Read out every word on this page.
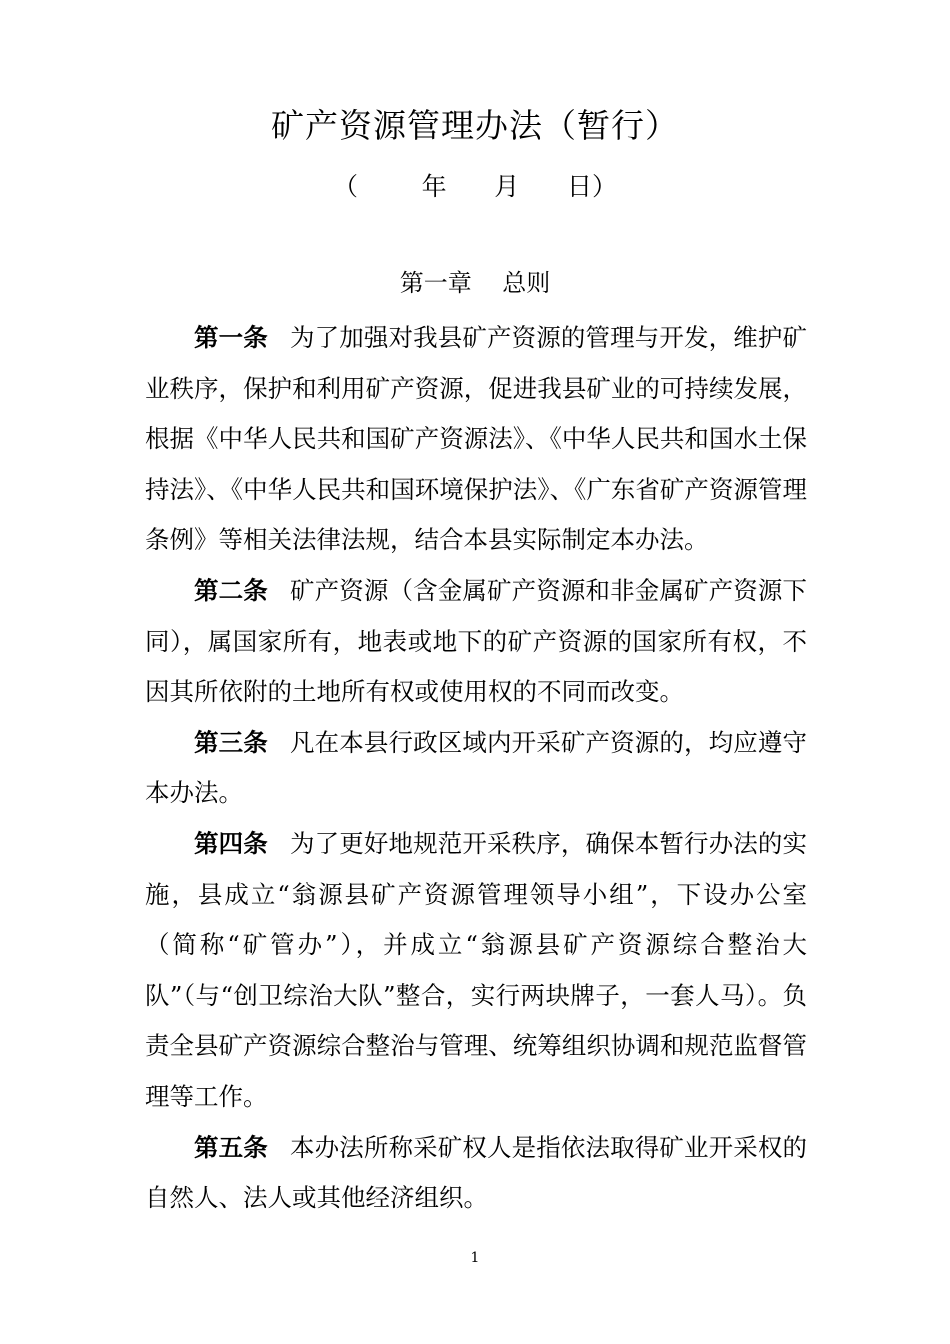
矿产资源管理办法（暂行）
（        年      月      日）
第一章    总则

第一条 为了加强对我县矿产资源的管理与开发，维护矿业秩序，保护和利用矿产资源，促进我县矿业的可持续发展，根据《中华人民共和国矿产资源法》、《中华人民共和国水土保持法》、《中华人民共和国环境保护法》、《广东省矿产资源管理条例》等相关法律法规，结合本县实际制定本办法。

第二条 矿产资源（含金属矿产资源和非金属矿产资源下同），属国家所有，地表或地下的矿产资源的国家所有权，不因其所依附的土地所有权或使用权的不同而改变。

第三条 凡在本县行政区域内开采矿产资源的，均应遵守本办法。

第四条 为了更好地规范开采秩序，确保本暂行办法的实施，县成立“翁源县矿产资源管理领导小组”，下设办公室（简称“矿管办”），并成立“翁源县矿产资源综合整治大队”（与“创卫综治大队”整合，实行两块牌子，一套人马）。负责全县矿产资源综合整治与管理、统筹组织协调和规范监督管理等工作。

第五条 本办法所称采矿权人是指依法取得矿业开采权的自然人、法人或其他经济组织。

1
